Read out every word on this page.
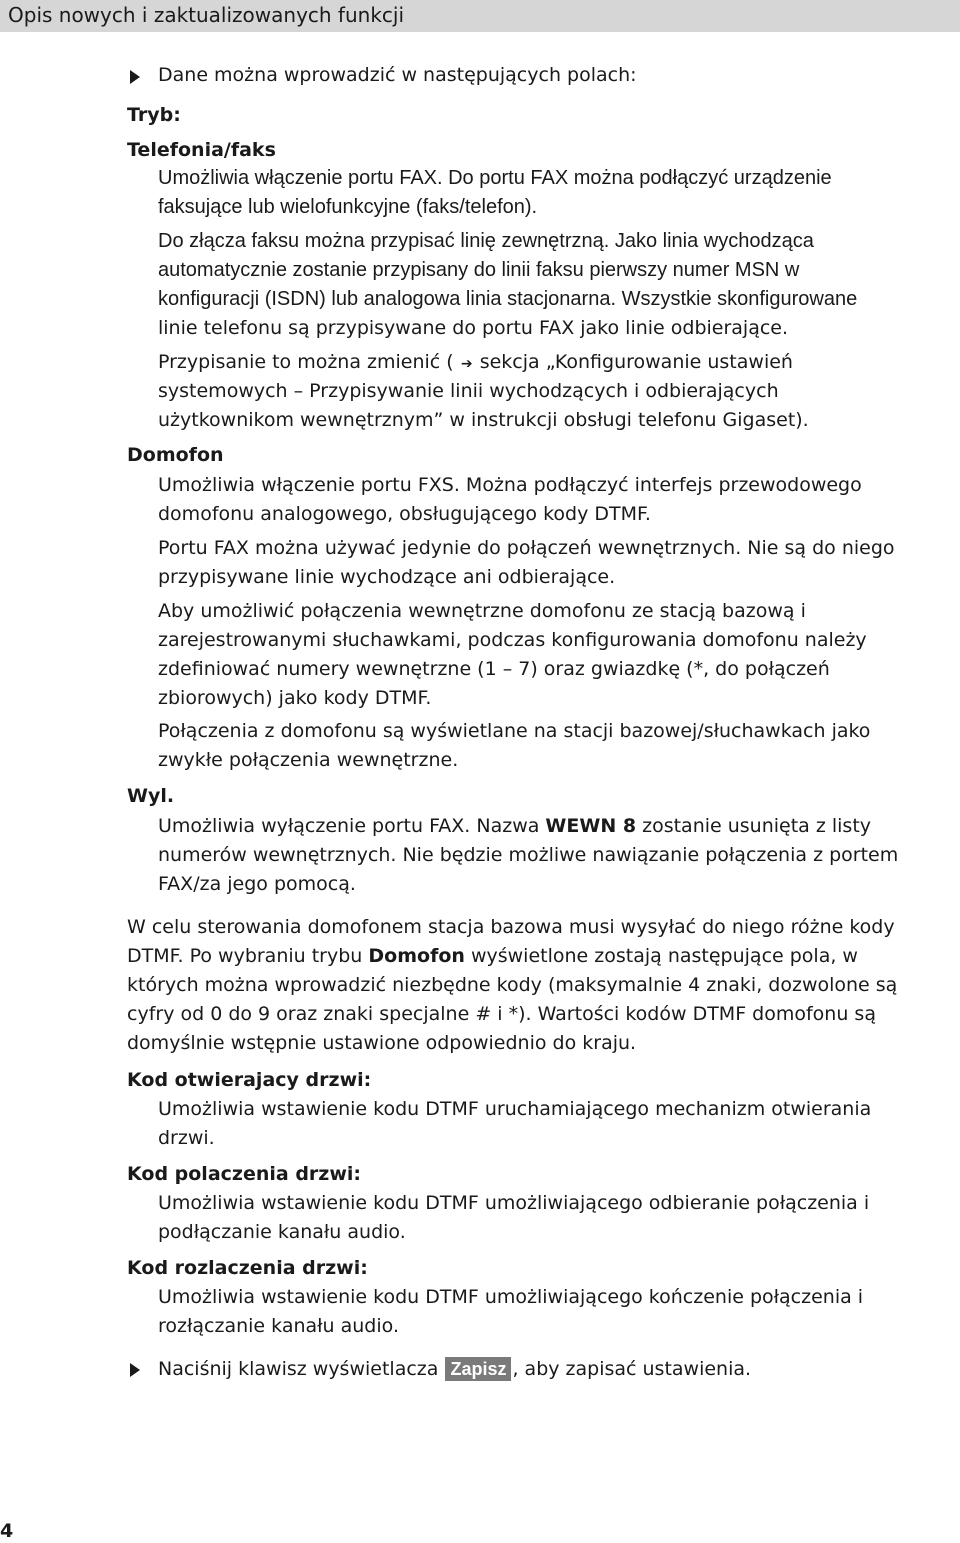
Opis nowych i zaktualizowanych funkcji
Dane można wprowadzić w następujących polach:
Tryb:
Telefonia/faks
Umożliwia włączenie portu FAX. Do portu FAX można podłączyć urządzenie
faksujące lub wielofunkcyjne (faks/telefon).
Do złącza faksu można przypisać linię zewnętrzną. Jako linia wychodząca
automatycznie zostanie przypisany do linii faksu pierwszy numer MSN w
konfiguracji (ISDN) lub analogowa linia stacjonarna. Wszystkie skonfigurowane
linie telefonu są przypisywane do portu FAX jako linie odbierające.
Przypisanie to można zmienić ( ➔ sekcja „Konfigurowanie ustawień
systemowych – Przypisywanie linii wychodzących i odbierających
użytkownikom wewnętrznym” w instrukcji obsługi telefonu Gigaset).
Domofon
Umożliwia włączenie portu FXS. Można podłączyć interfejs przewodowego
domofonu analogowego, obsługującego kody DTMF.
Portu FAX można używać jedynie do połączeń wewnętrznych. Nie są do niego
przypisywane linie wychodzące ani odbierające.
Aby umożliwić połączenia wewnętrzne domofonu ze stacją bazową i
zarejestrowanymi słuchawkami, podczas konfigurowania domofonu należy
zdefiniować numery wewnętrzne (1 – 7) oraz gwiazdkę (*, do połączeń
zbiorowych) jako kody DTMF.
Połączenia z domofonu są wyświetlane na stacji bazowej/słuchawkach jako
zwykłe połączenia wewnętrzne.
Wyl.
Umożliwia wyłączenie portu FAX. Nazwa WEWN 8 zostanie usunięta z listy
numerów wewnętrznych. Nie będzie możliwe nawiązanie połączenia z portem
FAX/za jego pomocą.
W celu sterowania domofonem stacja bazowa musi wysyłać do niego różne kody
DTMF. Po wybraniu trybu Domofon wyświetlone zostają następujące pola, w
których można wprowadzić niezbędne kody (maksymalnie 4 znaki, dozwolone są
cyfry od 0 do 9 oraz znaki specjalne # i *). Wartości kodów DTMF domofonu są
domyślnie wstępnie ustawione odpowiednio do kraju.
Kod otwierajacy drzwi:
Umożliwia wstawienie kodu DTMF uruchamiającego mechanizm otwierania
drzwi.
Kod polaczenia drzwi:
Umożliwia wstawienie kodu DTMF umożliwiającego odbieranie połączenia i
podłączanie kanału audio.
Kod rozlaczenia drzwi:
Umożliwia wstawienie kodu DTMF umożliwiającego kończenie połączenia i
rozłączanie kanału audio.
Naciśnij klawisz wyświetlacza Zapisz , aby zapisać ustawienia.
4
